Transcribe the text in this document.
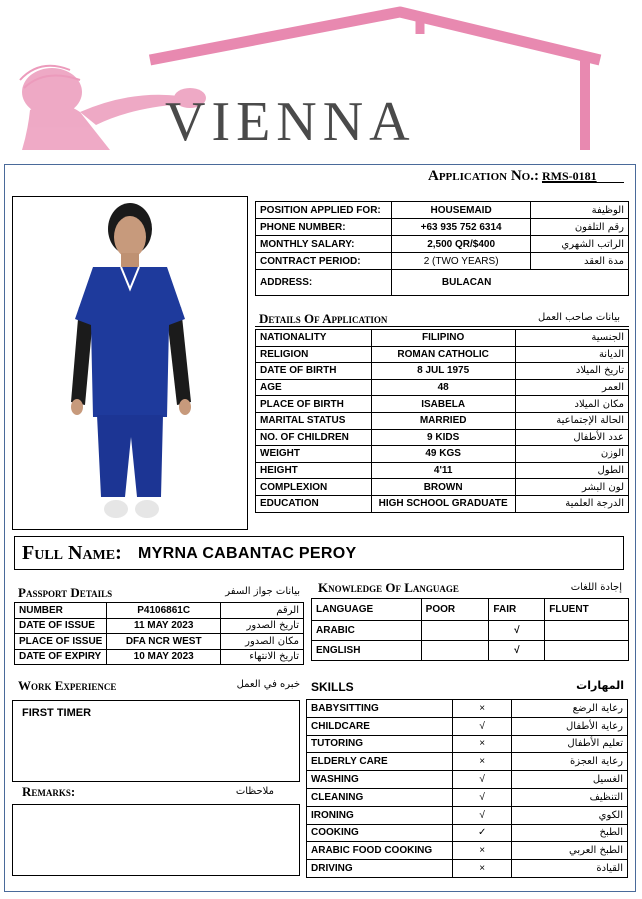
VIENNA
Application No.: RMS-0181
POSITION APPLIED FOR:	HOUSEMAID	الوظيفة
PHONE NUMBER:	+63 935 752 6314	رقم التلفون
MONTHLY SALARY:	2,500 QR/$400	الراتب الشهري
CONTRACT PERIOD:	2 (TWO YEARS)	مدة العقد
ADDRESS:	BULACAN	
Details Of Application	بيانات صاحب العمل
NATIONALITY	FILIPINO	الجنسية
RELIGION	ROMAN CATHOLIC	الديانة
DATE OF BIRTH	8 JUL 1975	تاريخ الميلاد
AGE	48	العمر
PLACE OF BIRTH	ISABELA	مكان الميلاد
MARITAL STATUS	MARRIED	الحالة الإجتماعية
NO. OF CHILDREN	9 KIDS	عدد الأطفال
WEIGHT	49 KGS	الوزن
HEIGHT	4'11	الطول
COMPLEXION	BROWN	لون البشر
EDUCATION	HIGH SCHOOL GRADUATE	الدرجة العلمية
Full Name: MYRNA CABANTAC PEROY
Passport Details	بيانات جواز السفر
NUMBER	P4106861C	الرقم
DATE OF ISSUE	11 MAY 2023	تاريخ الصدور
PLACE OF ISSUE	DFA NCR WEST	مكان الصدور
DATE OF EXPIRY	10 MAY 2023	تاريخ الانتهاء
Knowledge Of Language	إجادة اللغات
LANGUAGE	POOR	FAIR	FLUENT
ARABIC		√	
ENGLISH		√	
Work Experience	خبره في العمل
FIRST TIMER
Remarks:	ملاحظات
SKILLS	المهارات
BABYSITTING	×	رعاية الرضع
CHILDCARE	√	رعاية الأطفال
TUTORING	×	تعليم الأطفال
ELDERLY CARE	×	رعاية العجزة
WASHING	√	الغسيل
CLEANING	√	التنظيف
IRONING	√	الكوي
COOKING	✓	الطبخ
ARABIC FOOD COOKING	×	الطبخ العربي
DRIVING	×	القيادة
